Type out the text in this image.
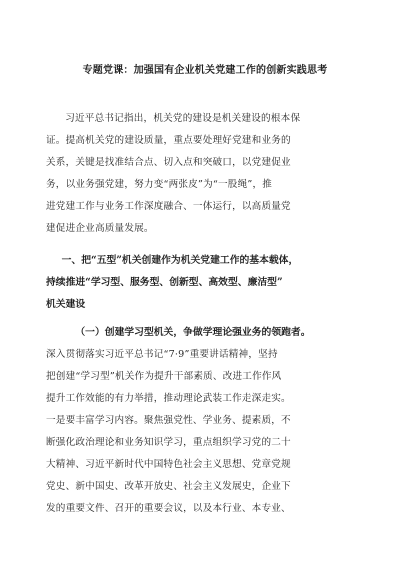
专题党课：加强国有企业机关党建工作的创新实践思考

习近平总书记指出，机关党的建设是机关建设的根本保
证。提高机关党的建设质量，重点要处理好党建和业务的
关系，关键是找准结合点、切入点和突破口，以党建促业
务，以业务强党建，努力变“两张皮”为“一股绳”，推
进党建工作与业务工作深度融合、一体运行，以高质量党
建促进企业高质量发展。

一、把“五型”机关创建作为机关党建工作的基本载体，
持续推进“学习型、服务型、创新型、高效型、廉洁型”
机关建设
（一）创建学习型机关，争做学理论强业务的领跑者。

深入贯彻落实习近平总书记“7·9”重要讲话精神，坚持
把创建“学习型”机关作为提升干部素质、改进工作作风
提升工作效能的有力举措，推动理论武装工作走深走实。
一是要丰富学习内容。聚焦强党性、学业务、提素质，不
断强化政治理论和业务知识学习，重点组织学习党的二十
大精神、习近平新时代中国特色社会主义思想、党章党规
党史、新中国史、改革开放史、社会主义发展史，企业下
发的重要文件、召开的重要会议，以及本行业、本专业、
